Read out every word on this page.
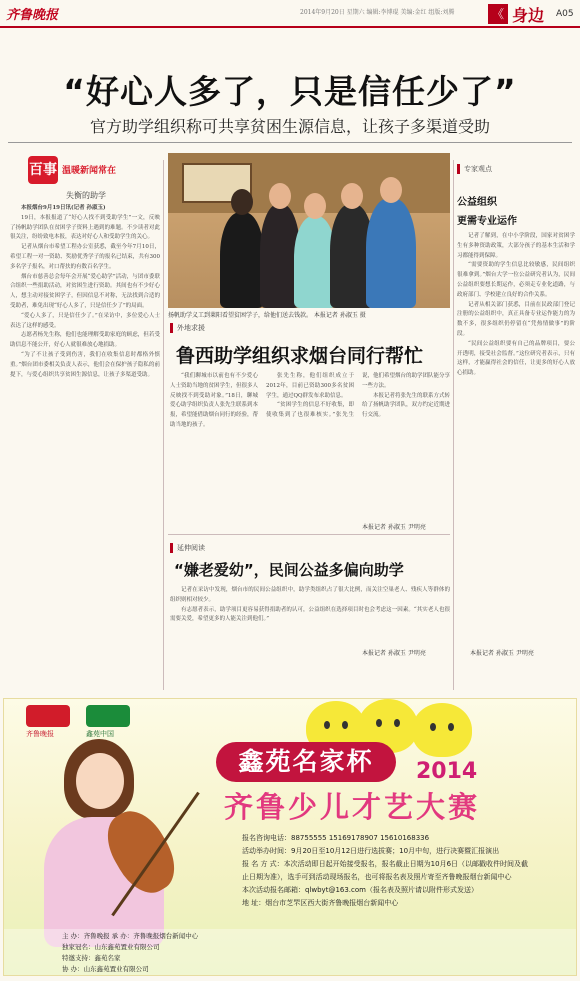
齐鲁晚报	2014年9月20日 星期六 编辑:李博琨 美编:金红 组版:刘腾	《 身边 A05
“好心人多了，只是信任少了”
官方助学组织称可共享贫困生源信息，让孩子多渠道受助
百事 温暖新闻常在
失衡的助学

本报烟台9月19日讯(记者 孙淑玉)

19日，本报报道了“好心人找不到受助学生”一文，反映了扬帆助学团队在贫困学子资料上遇到的难题。不少读者对此很关注，纷纷致电本报，表达对好心人和受助学生的关心。

记者从烟台市希望工程办公室获悉，截至今年7月10日，希望工程一对一资助、奖励优秀学子的报名已结束，共有300多名学子报名，对口帮扶的有数百名学生。

烟台市慈善总会每年会开展“爱心助学”活动，与团市委联合组织一些捐助活动，对贫困生进行资助。其间也有不少好心人，想主动对接贫困学子，但因信息不对称，无法找到合适的受助者，难免出现“好心人多了，只是信任少了”的局面。

“爱心人多了，只是信任少了。”在采访中，多位爱心人士表达了这样的感受。

志愿者杨先生称，他们也能理解受助家庭的顾虑，但若受助信息不能公开，好心人就很难放心地捐助。

“为了不让孩子受到伤害，我们在收集信息时都格外慎重。”烟台团市委相关负责人表示，他们会在保护孩子隐私的前提下，与爱心组织共享贫困生源信息，让孩子多渠道受助。

扬帆助学义工到莱阳看望贫困学子，给他们送去钱款。 本报记者 孙淑玉 摄
专家观点
公益组织
更需专业运作

记者了解到，在中小学阶段，国家对贫困学生有多种资助政策，大部分孩子的基本生活和学习都能得到保障。

“需要资助的学生信息比较敏感，民间组织很难拿到。”烟台大学一位公益研究者认为，民间公益组织要想长期运作，必须走专业化道路，与政府部门、学校建立良好的合作关系。

记者从相关部门获悉，目前在民政部门登记注册的公益组织中，真正具备专业运作能力的为数不多，很多组织仍停留在“凭热情做事”的阶段。

“民间公益组织要有自己的品牌项目，要公开透明，接受社会监督。”这位研究者表示，只有这样，才能赢得社会的信任，让更多的好心人放心捐助。

本报记者 孙淑玉 尹明亮
外地求援
鲁西助学组织求烟台同行帮忙

“我们聊城市以前也有不少爱心人士资助当地的贫困学生，但很多人反映找不到受助对象。”18日，聊城爱心助学组织负责人张先生联系到本报，希望能借助烟台同行的经验，帮助当地的孩子。

张先生称，他们组织成立于2012年，目前已资助300多名贫困学生，通过QQ群发布求助信息。

“贫困学生的信息不好收集，即使收集到了也很难核实。”张先生说，他们希望烟台的助学团队能分享一些方法。

本报记者将张先生的联系方式转给了扬帆助学团队，双方约定近期进行交流。

本报记者 孙淑玉 尹明亮
延伸阅读
“嫌老爱幼”，民间公益多偏向助学

记者在采访中发现，烟台市的民间公益组织中，助学类组织占了很大比例，而关注空巢老人、残疾人等群体的组织则相对较少。

有志愿者表示，助学项目更容易获得捐助者的认可，公益组织在选择项目时也会考虑这一因素。“其实老人也很需要关爱，希望更多的人能关注到他们。”

本报记者 孙淑玉 尹明亮
齐鲁晚报	鑫苑中国
鑫苑名家杯	2014
齐鲁少儿才艺大赛
报名咨询电话：88755555 15169178907 15610168336
活动举办时间：9月20日至10月12日进行选拔赛；10月中旬，进行决赛暨汇报演出
报 名 方 式：本次活动即日起开始接受报名，报名截止日期为10月6日（以邮戳收件时间及截
止日期为准），选手可到活动现场报名，也可将报名表及照片寄至齐鲁晚报烟台新闻中心
本次活动报名邮箱：qlwbyt@163.com（报名表及照片请以附件形式发送）
地 址：烟台市芝罘区西大街齐鲁晚报烟台新闻中心
主 办：齐鲁晚报 承 办：齐鲁晚报烟台新闻中心
独家冠名：山东鑫苑置业有限公司
特邀支持：鑫苑名家
协 办：山东鑫苑置业有限公司
